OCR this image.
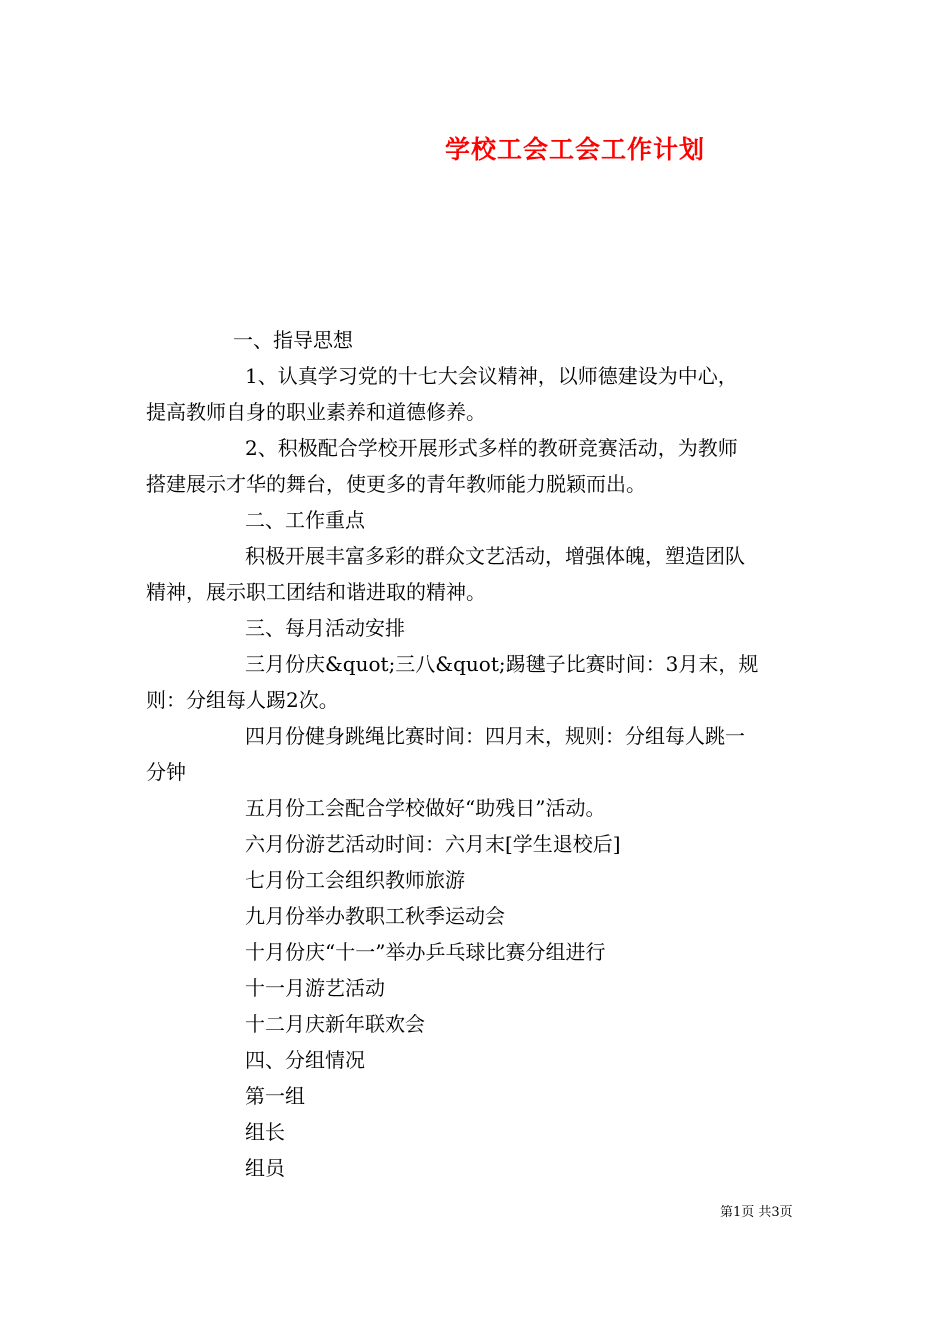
学校工会工会工作计划
一、指导思想
1、认真学习党的十七大会议精神，以师德建设为中心，
提高教师自身的职业素养和道德修养。
2、积极配合学校开展形式多样的教研竞赛活动，为教师
搭建展示才华的舞台，使更多的青年教师能力脱颖而出。
二、工作重点
积极开展丰富多彩的群众文艺活动，增强体魄，塑造团队
精神，展示职工团结和谐进取的精神。
三、每月活动安排
三月份庆&quot;三八&quot;踢毽子比赛时间：3月末，规
则：分组每人踢2次。
四月份健身跳绳比赛时间：四月末，规则：分组每人跳一
分钟
五月份工会配合学校做好“助残日”活动。
六月份游艺活动时间：六月末[学生退校后]
七月份工会组织教师旅游
九月份举办教职工秋季运动会
十月份庆“十一”举办乒乓球比赛分组进行
十一月游艺活动
十二月庆新年联欢会
四、分组情况
第一组
组长
组员
第1页 共3页
